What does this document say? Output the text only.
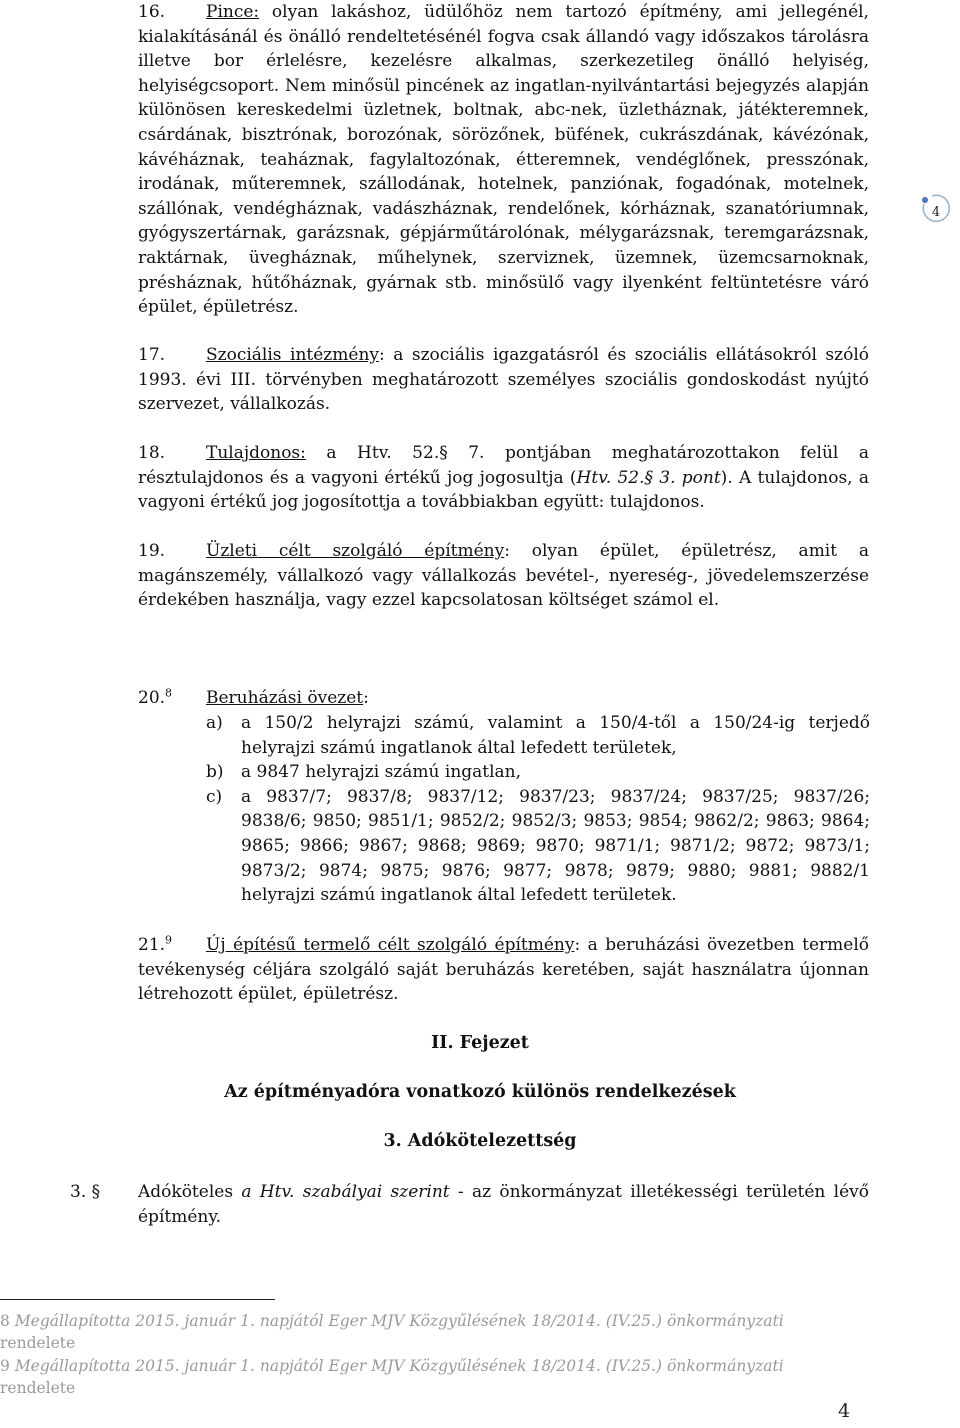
16.	Pince: olyan lakáshoz, üdülőhöz nem tartozó építmény, ami jellegénél, kialakításánál és önálló rendeltetésénél fogva csak állandó vagy időszakos tárolásra illetve bor érlelésre, kezelésre alkalmas, szerkezetileg önálló helyiség, helyiségcsoport. Nem minősül pincének az ingatlan-nyilvántartási bejegyzés alapján különösen kereskedelmi üzletnek, boltnak, abc-nek, üzletháznak, játékteremnek, csárdának, bisztrónak, borozónak, sörözőnek, büfének, cukrászdának, kávézónak, kávéháznak, teaháznak, fagylaltozónak, étteremnek, vendéglőnek, presszónak, irodának, műteremnek, szállodának, hotelnek, panziónak, fogadónak, motelnek, szállónak, vendégháznak, vadászháznak, rendelőnek, kórháznak, szanatóriumnak, gyógyszertárnak, garázsnak, gépjárműtárolónak, mélygarázsnak, teremgarázsnak, raktárnak, üvegháznak, műhelynek, szerviznek, üzemnek, üzemcsarnoknak, présháznak, hűtőháznak, gyárnak stb. minősülő vagy ilyenként feltüntetésre váró épület, épületrész.
17.	Szociális intézmény: a szociális igazgatásról és szociális ellátásokról szóló 1993. évi III. törvényben meghatározott személyes szociális gondoskodást nyújtó szervezet, vállalkozás.
18.	Tulajdonos: a Htv. 52.§ 7. pontjában meghatározottakon felül a résztulajdonos és a vagyoni értékű jog jogosultja (Htv. 52.§ 3. pont). A tulajdonos, a vagyoni értékű jog jogosítottja a továbbiakban együtt: tulajdonos.
19.	Üzleti célt szolgáló építmény: olyan épület, épületrész, amit a magánszemély, vállalkozó vagy vállalkozás bevétel-, nyereség-, jövedelemszerzése érdekében használja, vagy ezzel kapcsolatosan költséget számol el.
20.$^8$ Beruházási övezet:
a) a 150/2 helyrajzi számú, valamint a 150/4-től a 150/24-ig terjedő helyrajzi számú ingatlanok által lefedett területek,
b) a 9847 helyrajzi számú ingatlan,
c) a 9837/7; 9837/8; 9837/12; 9837/23; 9837/24; 9837/25; 9837/26; 9838/6; 9850; 9851/1; 9852/2; 9852/3; 9853; 9854; 9862/2; 9863; 9864; 9865; 9866; 9867; 9868; 9869; 9870; 9871/1; 9871/2; 9872; 9873/1; 9873/2; 9874; 9875; 9876; 9877; 9878; 9879; 9880; 9881; 9882/1 helyrajzi számú ingatlanok által lefedett területek.
21.$^9$	Új építésű termelő célt szolgáló építmény: a beruházási övezetben termelő tevékenység céljára szolgáló saját beruházás keretében, saját használatra újonnan létrehozott épület, épületrész.
II. Fejezet
Az építményadóra vonatkozó különös rendelkezések
3. Adókötelezettség
3. § Adóköteles a Htv. szabályai szerint - az önkormányzat illetékességi területén lévő építmény.
8 Megállapította 2015. január 1. napjától Eger MJV Közgyűlésének 18/2014. (IV.25.) önkormányzati
rendelete
9 Megállapította 2015. január 1. napjától Eger MJV Közgyűlésének 18/2014. (IV.25.) önkormányzati
rendelete
4
4
